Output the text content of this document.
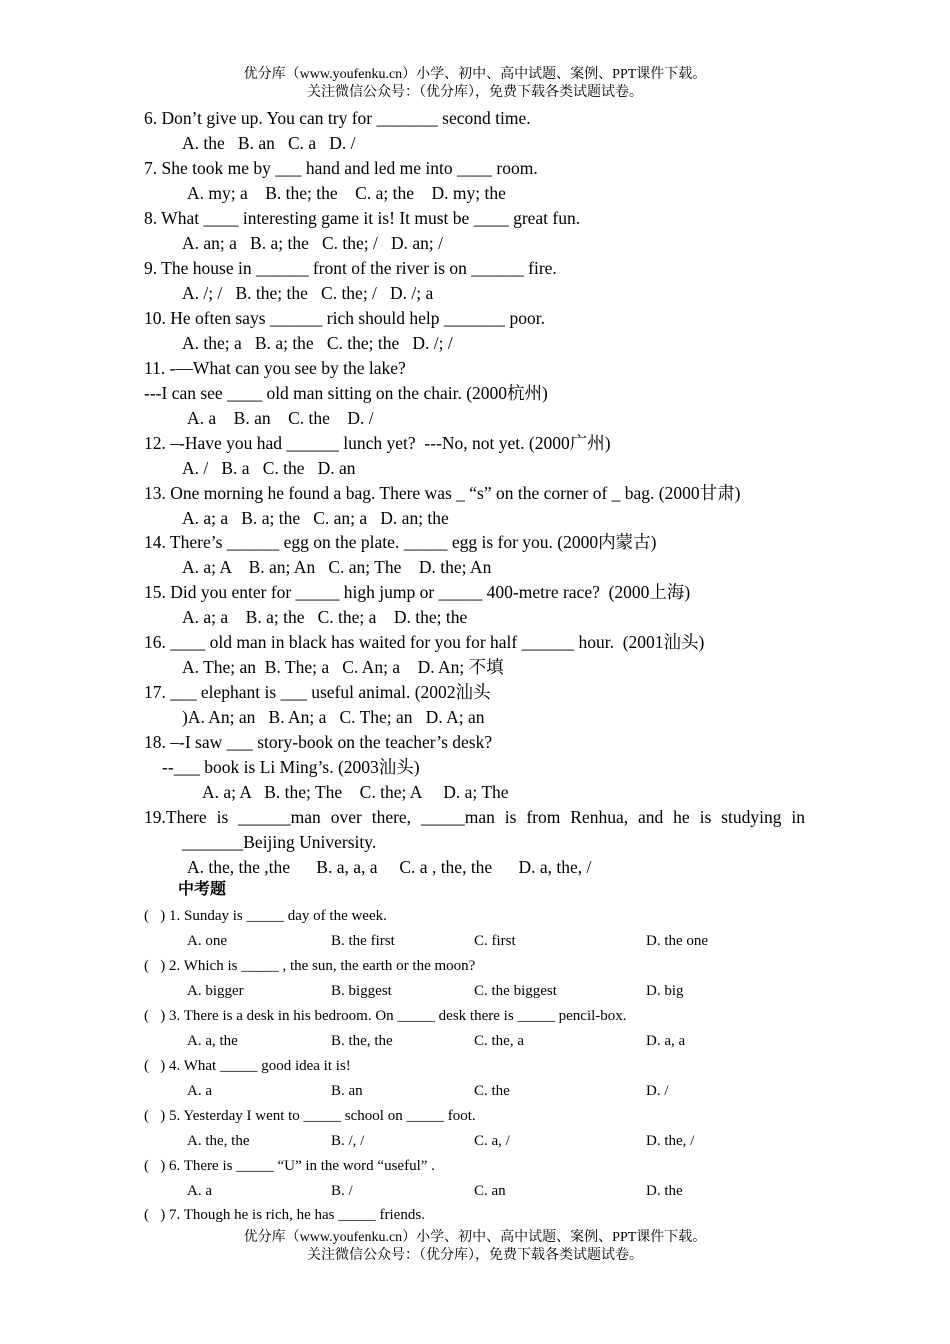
优分库（www.youfenku.cn）小学、初中、高中试题、案例、PPT课件下载。
关注微信公众号：（优分库），免费下载各类试题试卷。
6. Don’t give up. You can try for _______ second time.
A. the   B. an   C. a   D. /
7. She took me by ___ hand and led me into ____ room.
A. my; a    B. the; the    C. a; the    D. my; the
8. What ____ interesting game it is! It must be ____ great fun.
A. an; a   B. a; the   C. the; /   D. an; /
9. The house in ______ front of the river is on ______ fire.
A. /; /   B. the; the   C. the; /   D. /; a
10. He often says ______ rich should help _______ poor.
A. the; a   B. a; the   C. the; the   D. /; /
11. -––What can you see by the lake?
---I can see ____ old man sitting on the chair. (2000杭州)
A. a    B. an    C. the    D. /
12. –-Have you had ______ lunch yet?  ---No, not yet. (2000广州)
A. /   B. a   C. the   D. an
13. One morning he found a bag. There was _ “s” on the corner of _ bag. (2000甘肃)
A. a; a   B. a; the   C. an; a   D. an; the
14. There’s ______ egg on the plate. _____ egg is for you. (2000内蒙古)
A. a; A    B. an; An   C. an; The    D. the; An
15. Did you enter for _____ high jump or _____ 400-metre race?  (2000上海)
A. a; a    B. a; the   C. the; a    D. the; the
16. ____ old man in black has waited for you for half ______ hour.  (2001汕头)
A. The; an  B. The; a   C. An; a    D. An; 不填
17. ___ elephant is ___ useful animal. (2002汕头
)A. An; an   B. An; a   C. The; an   D. A; an
18. –-I saw ___ story-book on the teacher’s desk?
--___ book is Li Ming’s. (2003汕头)
A. a; A   B. the; The    C. the; A     D. a; The
19.There is ______man over there, _____man is from Renhua, and he is studying in
_______Beijing University.
A. the, the ,the      B. a, a, a     C. a , the, the      D. a, the, /
中考题
(   ) 1. Sunday is _____ day of the week.
A. one	B. the first	C. first	D. the one
(   ) 2. Which is _____ , the sun, the earth or the moon?
A. bigger	B. biggest	C. the biggest	D. big
(   ) 3. There is a desk in his bedroom. On _____ desk there is _____ pencil-box.
A. a, the	B. the, the	C. the, a	D. a, a
(   ) 4. What _____ good idea it is!
A. a	B. an	C. the	D. /
(   ) 5. Yesterday I went to _____ school on _____ foot.
A. the, the	B. /, /	C. a, /	D. the, /
(   ) 6. There is _____ “U” in the word “useful” .
A. a	B. /	C. an	D. the
(   ) 7. Though he is rich, he has _____ friends.
优分库（www.youfenku.cn）小学、初中、高中试题、案例、PPT课件下载。
关注微信公众号：（优分库），免费下载各类试题试卷。
